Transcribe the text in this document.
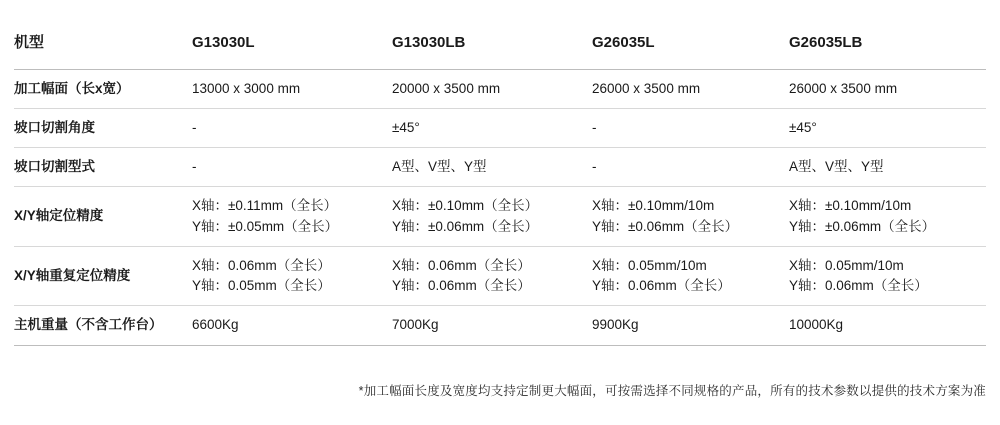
机型	G13030L	G13030LB	G26035L	G26035LB
加工幅面（长x宽）	13000 x 3000 mm	20000 x 3500 mm	26000 x 3500 mm	26000 x 3500 mm

坡口切割角度	-	±45°	-	±45°

坡口切割型式	-	A型、V型、Y型	-	A型、V型、Y型

X/Y轴定位精度	X轴：±0.11mm（全长）
Y轴：±0.05mm（全长）	X轴：±0.10mm（全长）
Y轴：±0.06mm（全长）	X轴：±0.10mm/10m
Y轴：±0.06mm（全长）	X轴：±0.10mm/10m
Y轴：±0.06mm（全长）

X/Y轴重复定位精度	X轴：0.06mm（全长）
Y轴：0.05mm（全长）	X轴：0.06mm（全长）
Y轴：0.06mm（全长）	X轴：0.05mm/10m
Y轴：0.06mm（全长）	X轴：0.05mm/10m
Y轴：0.06mm（全长）

主机重量（不含工作台）	6600Kg	7000Kg	9900Kg	10000Kg
*加工幅面长度及宽度均支持定制更大幅面，可按需选择不同规格的产品，所有的技术参数以提供的技术方案为准
